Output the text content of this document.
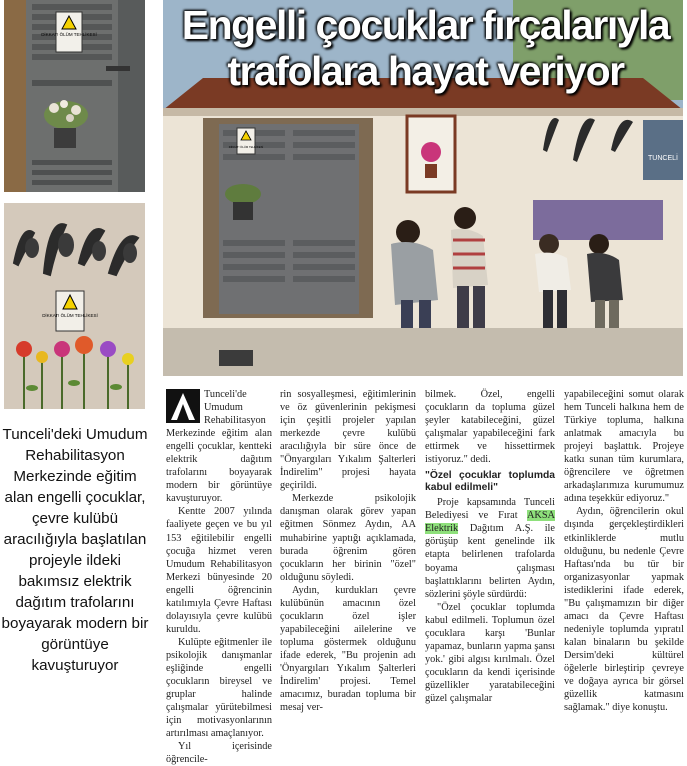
DİKKAT! ÖLÜM TEHLİKESİ
DİKKAT! ÖLÜM TEHLİKESİ
DİKKAT! ÖLÜM TEHLİKESİ
TUNCELİ
Engelli çocuklar fırçalarıyla
trafolara hayat veriyor
Tunceli'deki Umudum Rehabilitasyon Merkezinde eğitim alan engelli çocuklar, çevre kulübü aracılığıyla başlatılan projeyle ildeki bakımsız elektrik dağıtım trafolarını boyayarak modern bir görüntüye kavuşturuyor

Tunceli'de Umudum Rehabilitasyon Merkezinde eğitim alan engelli çocuklar, kentteki elektrik dağıtım trafolarını boyayarak modern bir görüntüye kavuşturuyor.

Kentte 2007 yılında faaliyete geçen ve bu yıl 153 eğitilebilir engelli çocuğa hizmet veren Umudum Rehabilitasyon Merkezi bünyesinde 20 engelli öğrencinin katılımıyla Çevre Haftası dolayısıyla çevre kulübü kuruldu.

Kulüpte eğitmenler ile psikolojik danışmanlar eşliğinde engelli çocukların bireysel ve gruplar halinde çalışmalar yürütebilmesi için motivasyonlarının artırılması amaçlanıyor.

Yıl içerisinde öğrencile-

rin sosyalleşmesi, eğitimlerinin ve öz güvenlerinin pekişmesi için çeşitli projeler yapılan merkezde çevre kulübü aracılığıyla bir süre önce de "Önyargıları Yıkalım Şalterleri İndirelim" projesi hayata geçirildi.

Merkezde psikolojik danışman olarak görev yapan eğitmen Sönmez Aydın, AA muhabirine yaptığı açıklamada, burada öğrenim gören çocukların her birinin "özel" olduğunu söyledi.

Aydın, kurdukları çevre kulübünün amacının özel çocukların özel işler yapabileceğini ailelerine ve topluma göstermek olduğunu ifade ederek, "Bu projenin adı 'Önyargıları Yıkalım Şalterleri İndirelim' projesi. Temel amacımız, buradan topluma bir mesaj ver-

bilmek. Özel, engelli çocukların da topluma güzel şeyler katabileceğini, güzel çalışmalar yapabileceğini fark ettirmek ve hissettirmek istiyoruz." dedi.

"Özel çocuklar toplumda kabul edilmeli"

Proje kapsamında Tunceli Belediyesi ve Fırat AKSA Elektrik Dağıtım A.Ş. ile görüşüp kent genelinde ilk etapta belirlenen trafolarda boyama çalışması başlattıklarını belirten Aydın, sözlerini şöyle sürdürdü:

"Özel çocuklar toplumda kabul edilmeli. Toplumun özel çocuklara karşı 'Bunlar yapamaz, bunların yapma şansı yok.' gibi algısı kırılmalı. Özel çocukların da kendi içerisinde güzellikler yaratabileceğini güzel çalışmalar

yapabileceğini somut olarak hem Tunceli halkına hem de Türkiye topluma, halkına anlatmak amacıyla bu projeyi başlattık. Projeye katkı sunan tüm kurumlara, öğrencilere ve öğretmen arkadaşlarımıza kurumumuz adına teşekkür ediyoruz."

Aydın, öğrencilerin okul dışında gerçekleştirdikleri etkinliklerde mutlu olduğunu, bu nedenle Çevre Haftası'nda bu tür bir organizasyonlar yapmak istediklerini ifade ederek, "Bu çalışmamızın bir diğer amacı da Çevre Haftası nedeniyle toplumda yıpratıl kalan binaların bu şekilde Dersim'deki kültürel öğelerle birleştirip çevreye ve doğaya ayrıca bir görsel güzellik katmasını sağlamak." diye konuştu.
